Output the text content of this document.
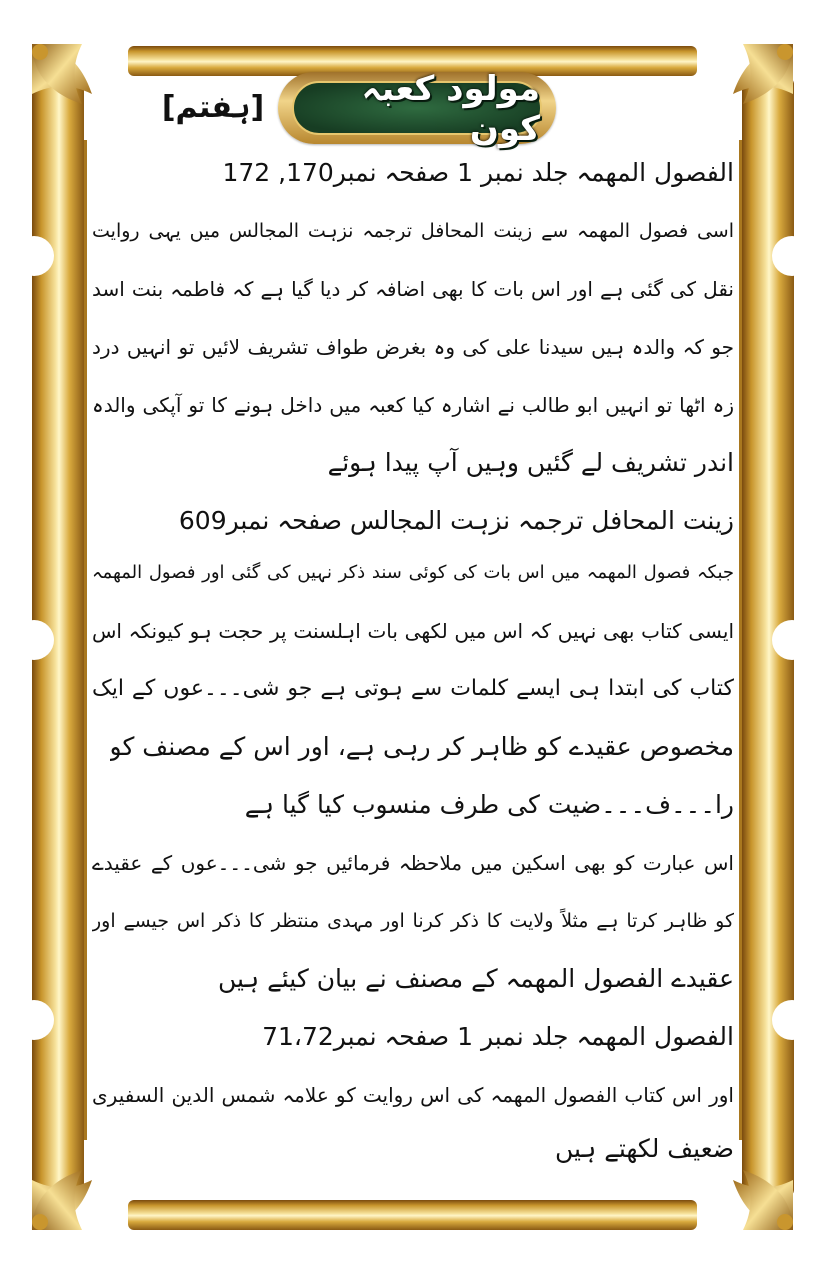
[ہفتم]	مولود کعبہ کون
الفصول المھمہ جلد نمبر 1 صفحہ نمبر170, 172
اسی فصول المھمہ سے زینت المحافل ترجمہ نزہت المجالس میں یہی روایت
نقل کی گئی ہے اور اس بات کا بھی اضافہ کر دیا گیا ہے کہ فاطمہ بنت اسد
جو کہ والدہ ہیں سیدنا علی کی وہ بغرض طواف تشریف لائیں تو انہیں درد
زہ اٹھا تو انہیں ابو طالب نے اشارہ کیا کعبہ میں داخل ہونے کا تو آپکی والدہ
اندر تشریف لے گئیں وہیں آپ پیدا ہوئے
زینت المحافل ترجمہ نزہت المجالس صفحہ نمبر609
جبکہ فصول المھمہ میں اس بات کی کوئی سند ذکر نہیں کی گئی اور فصول المھمہ
ایسی کتاب بھی نہیں کہ اس میں لکھی بات اہلسنت پر حجت ہو کیونکہ اس
کتاب کی ابتدا ہی ایسے کلمات سے ہوتی ہے جو شی۔۔۔عوں کے ایک
مخصوص عقیدے کو ظاہر کر رہی ہے، اور اس کے مصنف کو
را۔۔۔ف۔۔۔ضیت کی طرف منسوب کیا گیا ہے
اس عبارت کو بھی اسکین میں ملاحظہ فرمائیں جو شی۔۔۔عوں کے عقیدے
کو ظاہر کرتا ہے مثلاً ولایت کا ذکر کرنا اور مہدی منتظر کا ذکر اس جیسے اور
عقیدے الفصول المھمہ کے مصنف نے بیان کیئے ہیں
الفصول المھمہ جلد نمبر 1 صفحہ نمبر71،72
اور اس کتاب الفصول المھمہ کی اس روایت کو علامہ شمس الدین السفیری
ضعیف لکھتے ہیں
